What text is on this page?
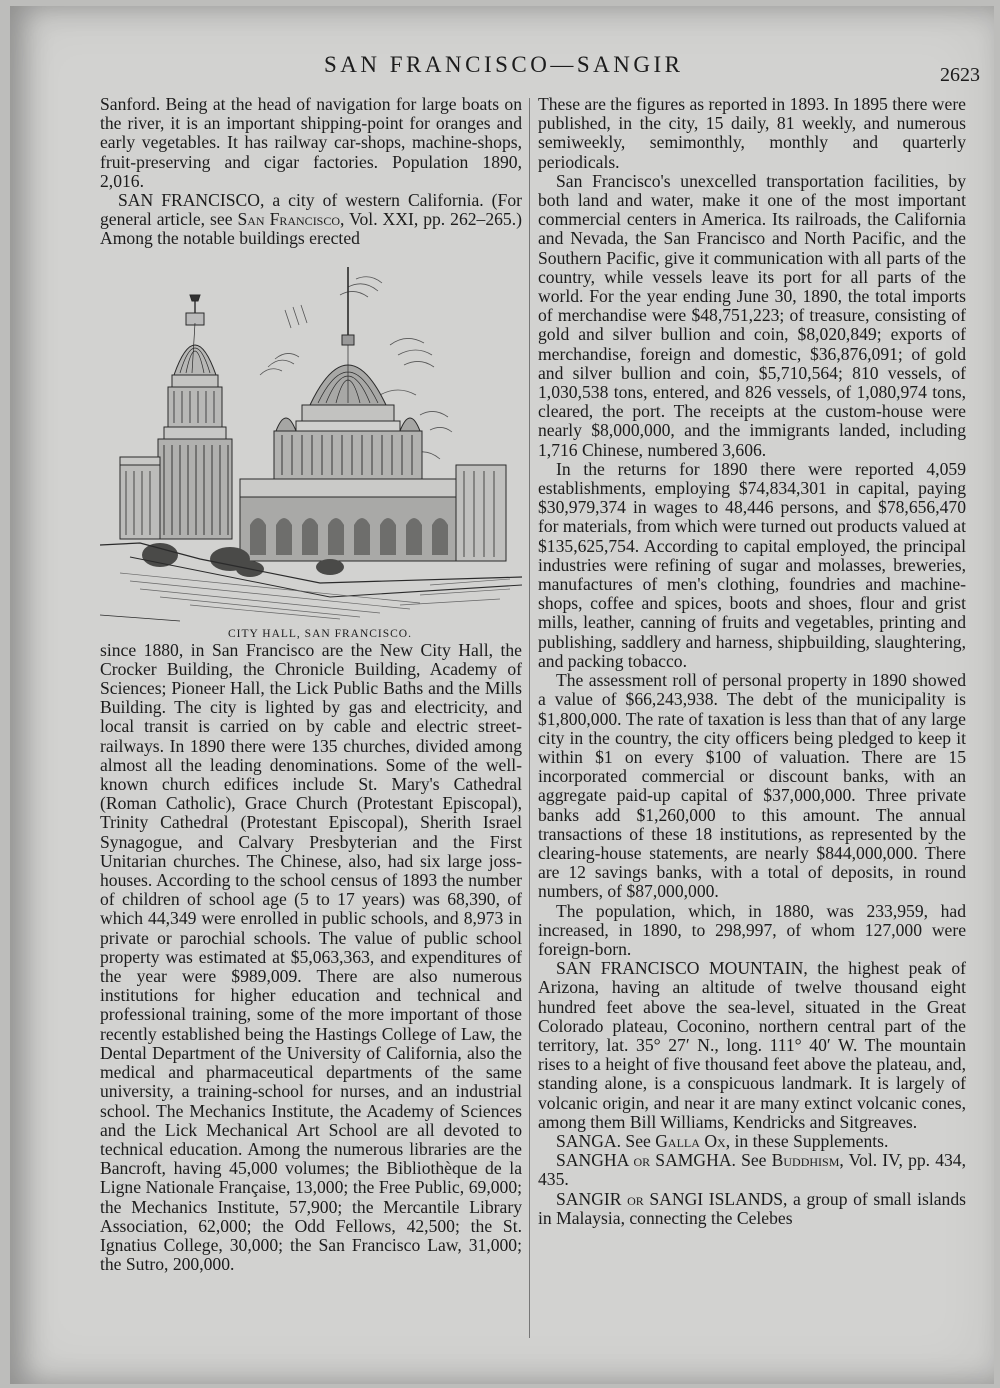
SAN FRANCISCO—SANGIR	2623

Sanford. Being at the head of navigation for large boats on the river, it is an important shipping-point for oranges and early vegetables. It has railway car-shops, machine-shops, fruit-preserving and cigar factories. Population 1890, 2,016.

SAN FRANCISCO, a city of western California. (For general article, see San Francisco, Vol. XXI, pp. 262–265.) Among the notable buildings erected

CITY HALL, SAN FRANCISCO.

since 1880, in San Francisco are the New City Hall, the Crocker Building, the Chronicle Building, Academy of Sciences; Pioneer Hall, the Lick Public Baths and the Mills Building. The city is lighted by gas and electricity, and local transit is carried on by cable and electric street-railways. In 1890 there were 135 churches, divided among almost all the leading denominations. Some of the well-known church edifices include St. Mary's Cathedral (Roman Catholic), Grace Church (Protestant Episcopal), Trinity Cathedral (Protestant Episcopal), Sherith Israel Synagogue, and Calvary Presbyterian and the First Unitarian churches. The Chinese, also, had six large joss-houses. According to the school census of 1893 the number of children of school age (5 to 17 years) was 68,390, of which 44,349 were enrolled in public schools, and 8,973 in private or parochial schools. The value of public school property was estimated at $5,063,363, and expenditures of the year were $989,009. There are also numerous institutions for higher education and technical and professional training, some of the more important of those recently established being the Hastings College of Law, the Dental Department of the University of California, also the medical and pharmaceutical departments of the same university, a training-school for nurses, and an industrial school. The Mechanics Institute, the Academy of Sciences and the Lick Mechanical Art School are all devoted to technical education. Among the numerous libraries are the Bancroft, having 45,000 volumes; the Bibliothèque de la Ligne Nationale Française, 13,000; the Free Public, 69,000; the Mechanics Institute, 57,900; the Mercantile Library Association, 62,000; the Odd Fellows, 42,500; the St. Ignatius College, 30,000; the San Francisco Law, 31,000; the Sutro, 200,000.

These are the figures as reported in 1893. In 1895 there were published, in the city, 15 daily, 81 weekly, and numerous semiweekly, semimonthly, monthly and quarterly periodicals.

San Francisco's unexcelled transportation facilities, by both land and water, make it one of the most important commercial centers in America. Its railroads, the California and Nevada, the San Francisco and North Pacific, and the Southern Pacific, give it communication with all parts of the country, while vessels leave its port for all parts of the world. For the year ending June 30, 1890, the total imports of merchandise were $48,751,223; of treasure, consisting of gold and silver bullion and coin, $8,020,849; exports of merchandise, foreign and domestic, $36,876,091; of gold and silver bullion and coin, $5,710,564; 810 vessels, of 1,030,538 tons, entered, and 826 vessels, of 1,080,974 tons, cleared, the port. The receipts at the custom-house were nearly $8,000,000, and the immigrants landed, including 1,716 Chinese, numbered 3,606.

In the returns for 1890 there were reported 4,059 establishments, employing $74,834,301 in capital, paying $30,979,374 in wages to 48,446 persons, and $78,656,470 for materials, from which were turned out products valued at $135,625,754. According to capital employed, the principal industries were refining of sugar and molasses, breweries, manufactures of men's clothing, foundries and machine-shops, coffee and spices, boots and shoes, flour and grist mills, leather, canning of fruits and vegetables, printing and publishing, saddlery and harness, shipbuilding, slaughtering, and packing tobacco.

The assessment roll of personal property in 1890 showed a value of $66,243,938. The debt of the municipality is $1,800,000. The rate of taxation is less than that of any large city in the country, the city officers being pledged to keep it within $1 on every $100 of valuation. There are 15 incorporated commercial or discount banks, with an aggregate paid-up capital of $37,000,000. Three private banks add $1,260,000 to this amount. The annual transactions of these 18 institutions, as represented by the clearing-house statements, are nearly $844,000,000. There are 12 savings banks, with a total of deposits, in round numbers, of $87,000,000.

The population, which, in 1880, was 233,959, had increased, in 1890, to 298,997, of whom 127,000 were foreign-born.

SAN FRANCISCO MOUNTAIN, the highest peak of Arizona, having an altitude of twelve thousand eight hundred feet above the sea-level, situated in the Great Colorado plateau, Coconino, northern central part of the territory, lat. 35° 27′ N., long. 111° 40′ W. The mountain rises to a height of five thousand feet above the plateau, and, standing alone, is a conspicuous landmark. It is largely of volcanic origin, and near it are many extinct volcanic cones, among them Bill Williams, Kendricks and Sitgreaves.

SANGA. See Galla Ox, in these Supplements.

SANGHA or SAMGHA. See Buddhism, Vol. IV, pp. 434, 435.

SANGIR or SANGI ISLANDS, a group of small islands in Malaysia, connecting the Celebes
